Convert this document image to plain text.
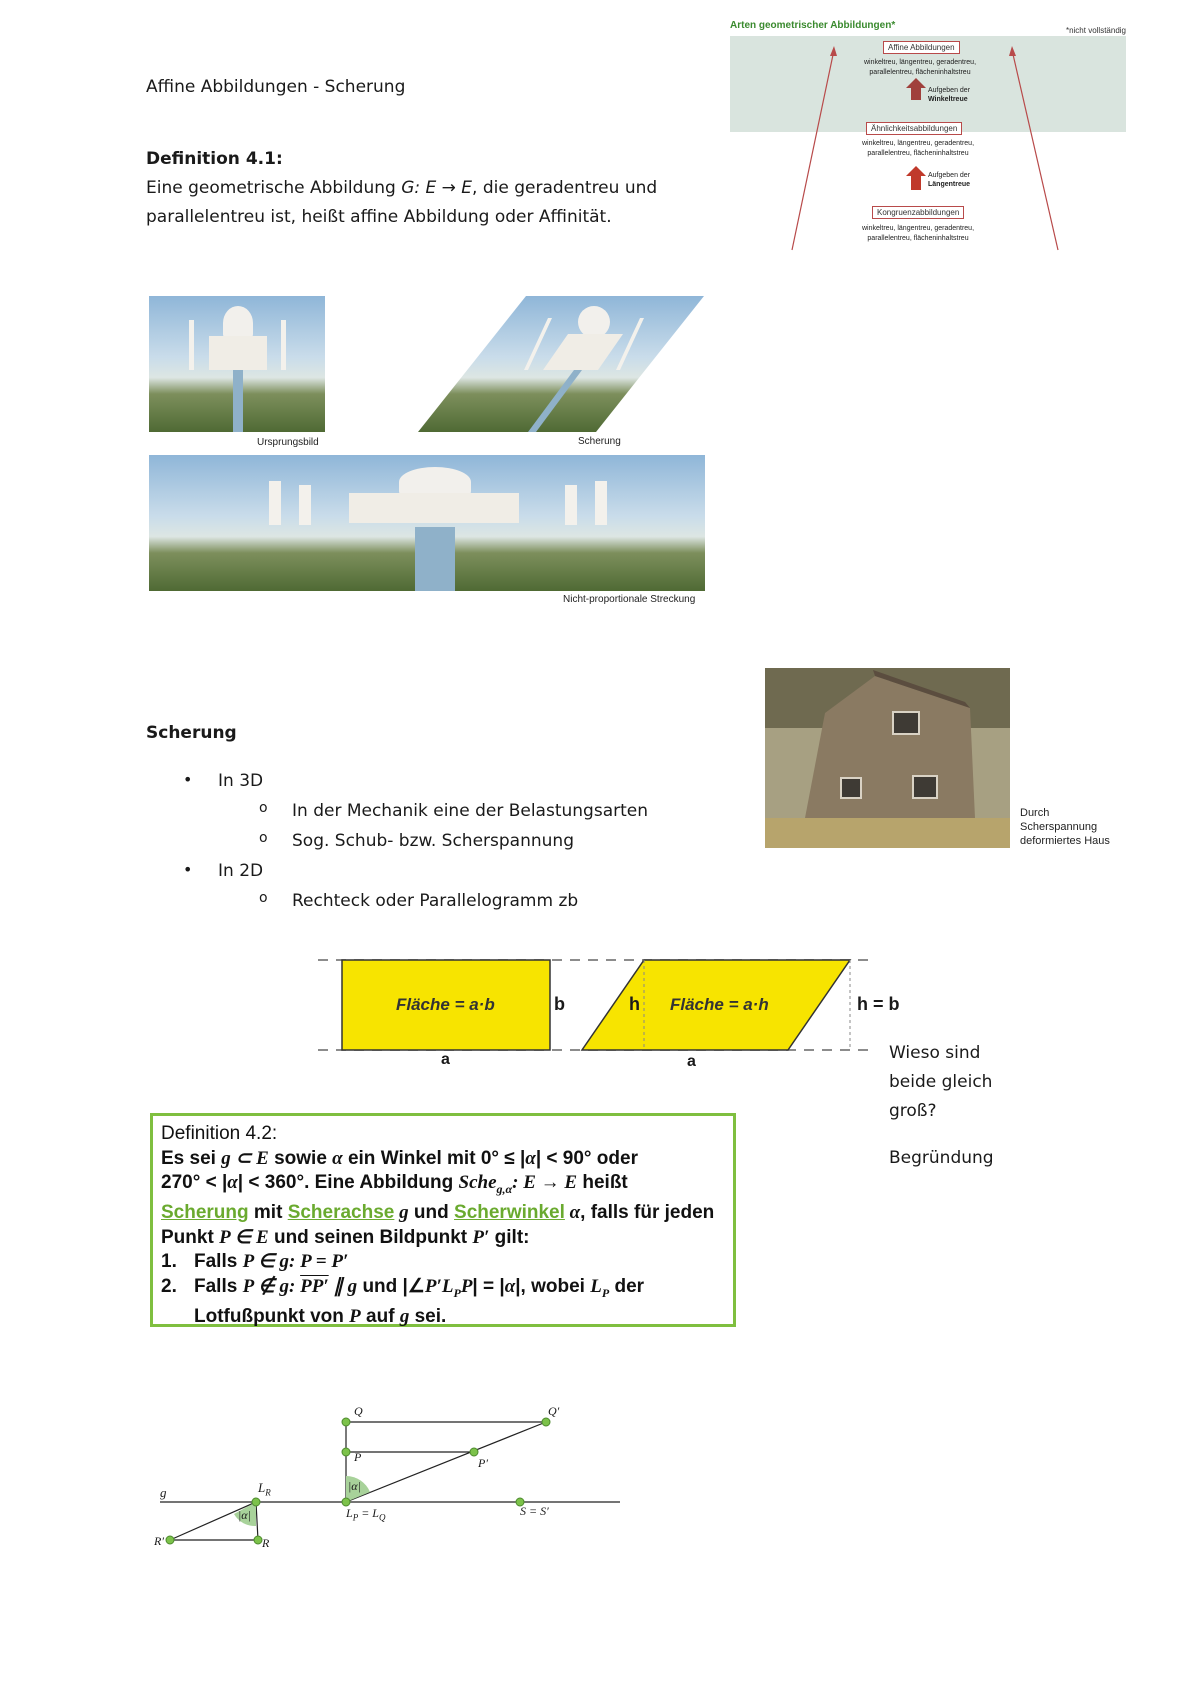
Affine Abbildungen - Scherung
Definition 4.1:
Eine geometrische Abbildung G: E → E, die geradentreu und
parallelentreu ist, heißt affine Abbildung oder Affinität.
Arten geometrischer Abbildungen*	*nicht vollständig
Affine Abbildungen
winkeltreu, längentreu, geradentreu,
parallelentreu, flächeninhaltstreu
Aufgeben der
Winkeltreue
Ähnlichkeitsabbildungen
winkeltreu, längentreu, geradentreu,
parallelentreu, flächeninhaltstreu
Aufgeben der
Längentreue
Kongruenzabbildungen
winkeltreu, längentreu, geradentreu,
parallelentreu, flächeninhaltstreu
Ursprungsbild	Scherung
Nicht-proportionale Streckung
Scherung
• In 3D
o In der Mechanik eine der Belastungsarten
o Sog. Schub- bzw. Scherspannung
• In 2D
o Rechteck oder Parallelogramm zb
Durch
Scherspannung
deformiertes Haus
Fläche = a·b	Fläche = a·h
b	h	h = b
a	a	Wieso sind
beide gleich
groß?
Begründung
Definition 4.2:
Es sei g ⊂ E sowie α ein Winkel mit 0° ≤ |α| < 90° oder
270° < |α| < 360°. Eine Abbildung Sche$_{g,\alpha}$: E → E heißt
Scherung mit Scherachse g und Scherwinkel α, falls für jeden
Punkt P ∈ E und seinen Bildpunkt P′ gilt:
1. Falls P ∈ g: P = P′
2. Falls P ∉ g: PP′ ∥ g und $|\angle P'L_PP| = |\alpha|$, wobei $L_P$ der
Lotfußpunkt von P auf g sei.
g	$L_R$
|α|
|α|
R′	R
Q	Q′
P	P′
$L_P = L_Q$	S = S′
